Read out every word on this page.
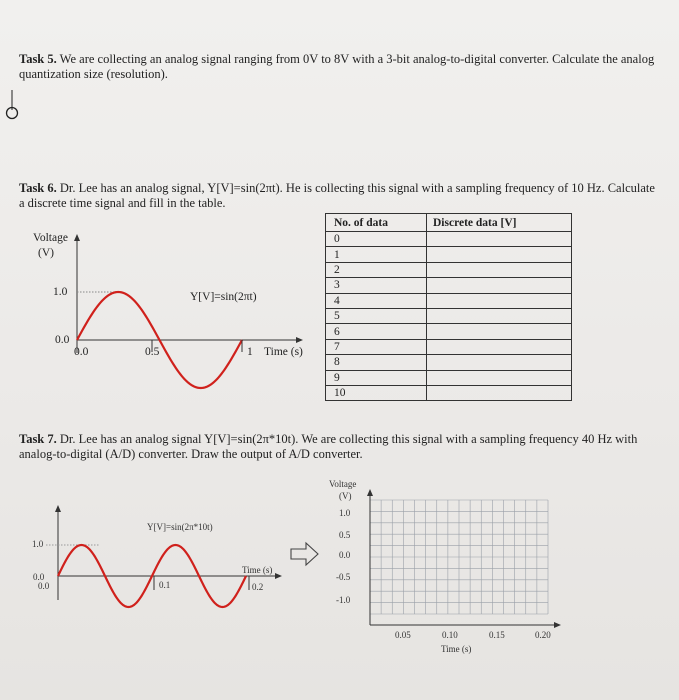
Task 5. We are collecting an analog signal ranging from 0V to 8V with a 3-bit analog-to-digital converter. Calculate the analog quantization size (resolution).
Task 6. Dr. Lee has an analog signal, Y[V]=sin(2πt). He is collecting this signal with a sampling frequency of 10 Hz. Calculate a discrete time signal and fill in the table.
Voltage
(V)
1.0
0.0
0.0	0.5	1 Time (s)
Y[V]=sin(2πt)
No. of data	Discrete data [V]
0	
1	
2	
3	
4	
5	
6	
7	
8	
9	
10	
Task 7. Dr. Lee has an analog signal Y[V]=sin(2π*10t). We are collecting this signal with a sampling frequency 40 Hz with analog-to-digital (A/D) converter. Draw the output of A/D converter.
Y[V]=sin(2π*10t)
1.0
0.0
0.0	0.1	0.2
Time (s)
Voltage
(V)
1.0
0.5
0.0
-0.5
-1.0
0.05	0.10	0.15	0.20
Time (s)
